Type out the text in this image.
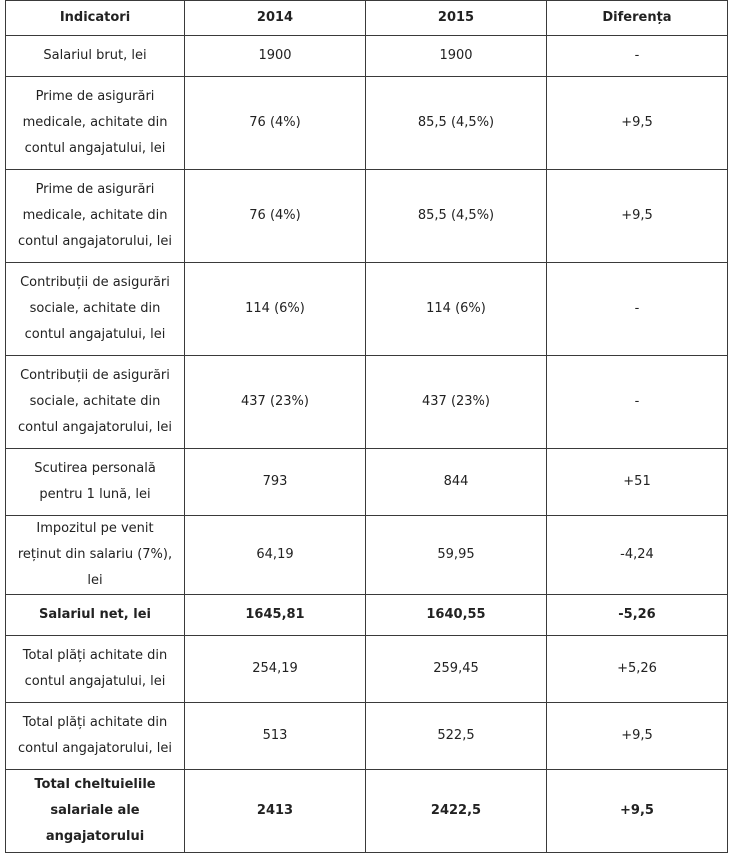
Indicatori	2014	2015	Diferența
Salariul brut, lei	1900	1900	-
Prime de asigurări medicale, achitate din contul angajatului, lei	76 (4%)	85,5 (4,5%)	+9,5
Prime de asigurări medicale, achitate din contul angajatorului, lei	76 (4%)	85,5 (4,5%)	+9,5
Contribuții de asigurări sociale, achitate din contul angajatului, lei	114 (6%)	114 (6%)	-
Contribuții de asigurări sociale, achitate din contul angajatorului, lei	437 (23%)	437 (23%)	-
Scutirea personală pentru 1 lună, lei	793	844	+51
Impozitul pe venit reținut din salariu (7%), lei	64,19	59,95	-4,24
Salariul net, lei	1645,81	1640,55	-5,26
Total plăți achitate din contul angajatului, lei	254,19	259,45	+5,26
Total plăți achitate din contul angajatorului, lei	513	522,5	+9,5
Total cheltuielile salariale ale angajatorului	2413	2422,5	+9,5
